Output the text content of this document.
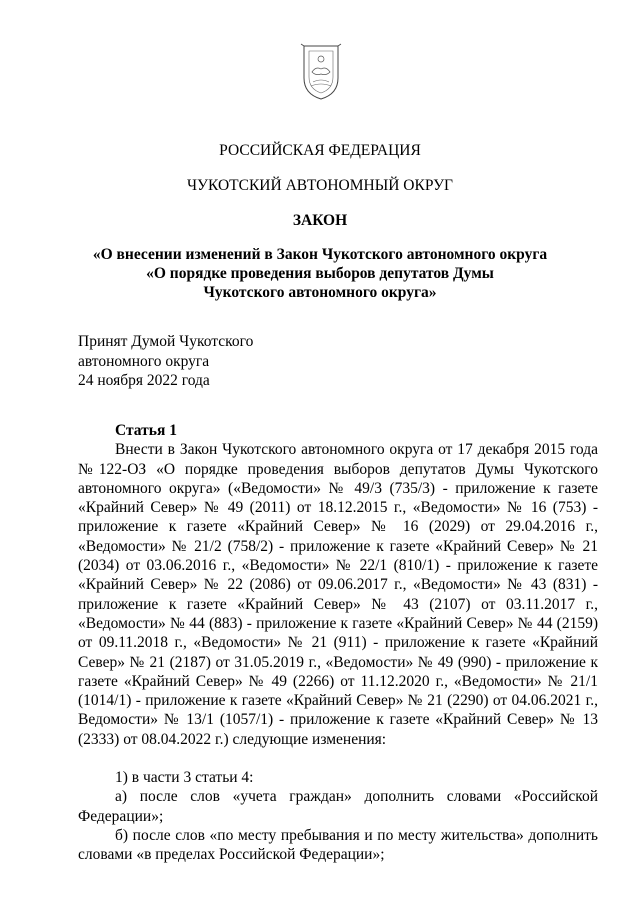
РОССИЙСКАЯ ФЕДЕРАЦИЯ
ЧУКОТСКИЙ АВТОНОМНЫЙ ОКРУГ
ЗАКОН
«О внесении изменений в Закон Чукотского автономного округа
«О порядке проведения выборов депутатов Думы
Чукотского автономного округа»
Принят Думой Чукотского
автономного округа
24 ноября 2022 года

Статья 1

Внести в Закон Чукотского автономного округа от 17 декабря 2015 года №122-ОЗ «О порядке проведения выборов депутатов Думы Чукотского автономного округа» («Ведомости» № 49/3 (735/3) - приложение к газете «Крайний Север» № 49 (2011) от 18.12.2015 г., «Ведомости» № 16 (753) - приложение к газете «Крайний Север» № 16 (2029) от 29.04.2016 г., «Ведомости» № 21/2 (758/2) - приложение к газете «Крайний Север» № 21 (2034) от 03.06.2016 г., «Ведомости» № 22/1 (810/1) - приложение к газете «Крайний Север» № 22 (2086) от 09.06.2017 г., «Ведомости» № 43 (831) - приложение к газете «Крайний Север» № 43 (2107) от 03.11.2017 г., «Ведомости» № 44 (883) - приложение к газете «Крайний Север» № 44 (2159) от 09.11.2018 г., «Ведомости» № 21 (911) - приложение к газете «Крайний Север» № 21 (2187) от 31.05.2019 г., «Ведомости» № 49 (990) - приложение к газете «Крайний Север» № 49 (2266) от 11.12.2020 г., «Ведомости» № 21/1 (1014/1) - приложение к газете «Крайний Север» № 21 (2290) от 04.06.2021 г., Ведомости» № 13/1 (1057/1) - приложение к газете «Крайний Север» № 13 (2333) от 08.04.2022 г.) следующие изменения:

1) в части 3 статьи 4:

а) после слов «учета граждан» дополнить словами «Российской Федерации»;

б) после слов «по месту пребывания и по месту жительства» дополнить словами «в пределах Российской Федерации»;
